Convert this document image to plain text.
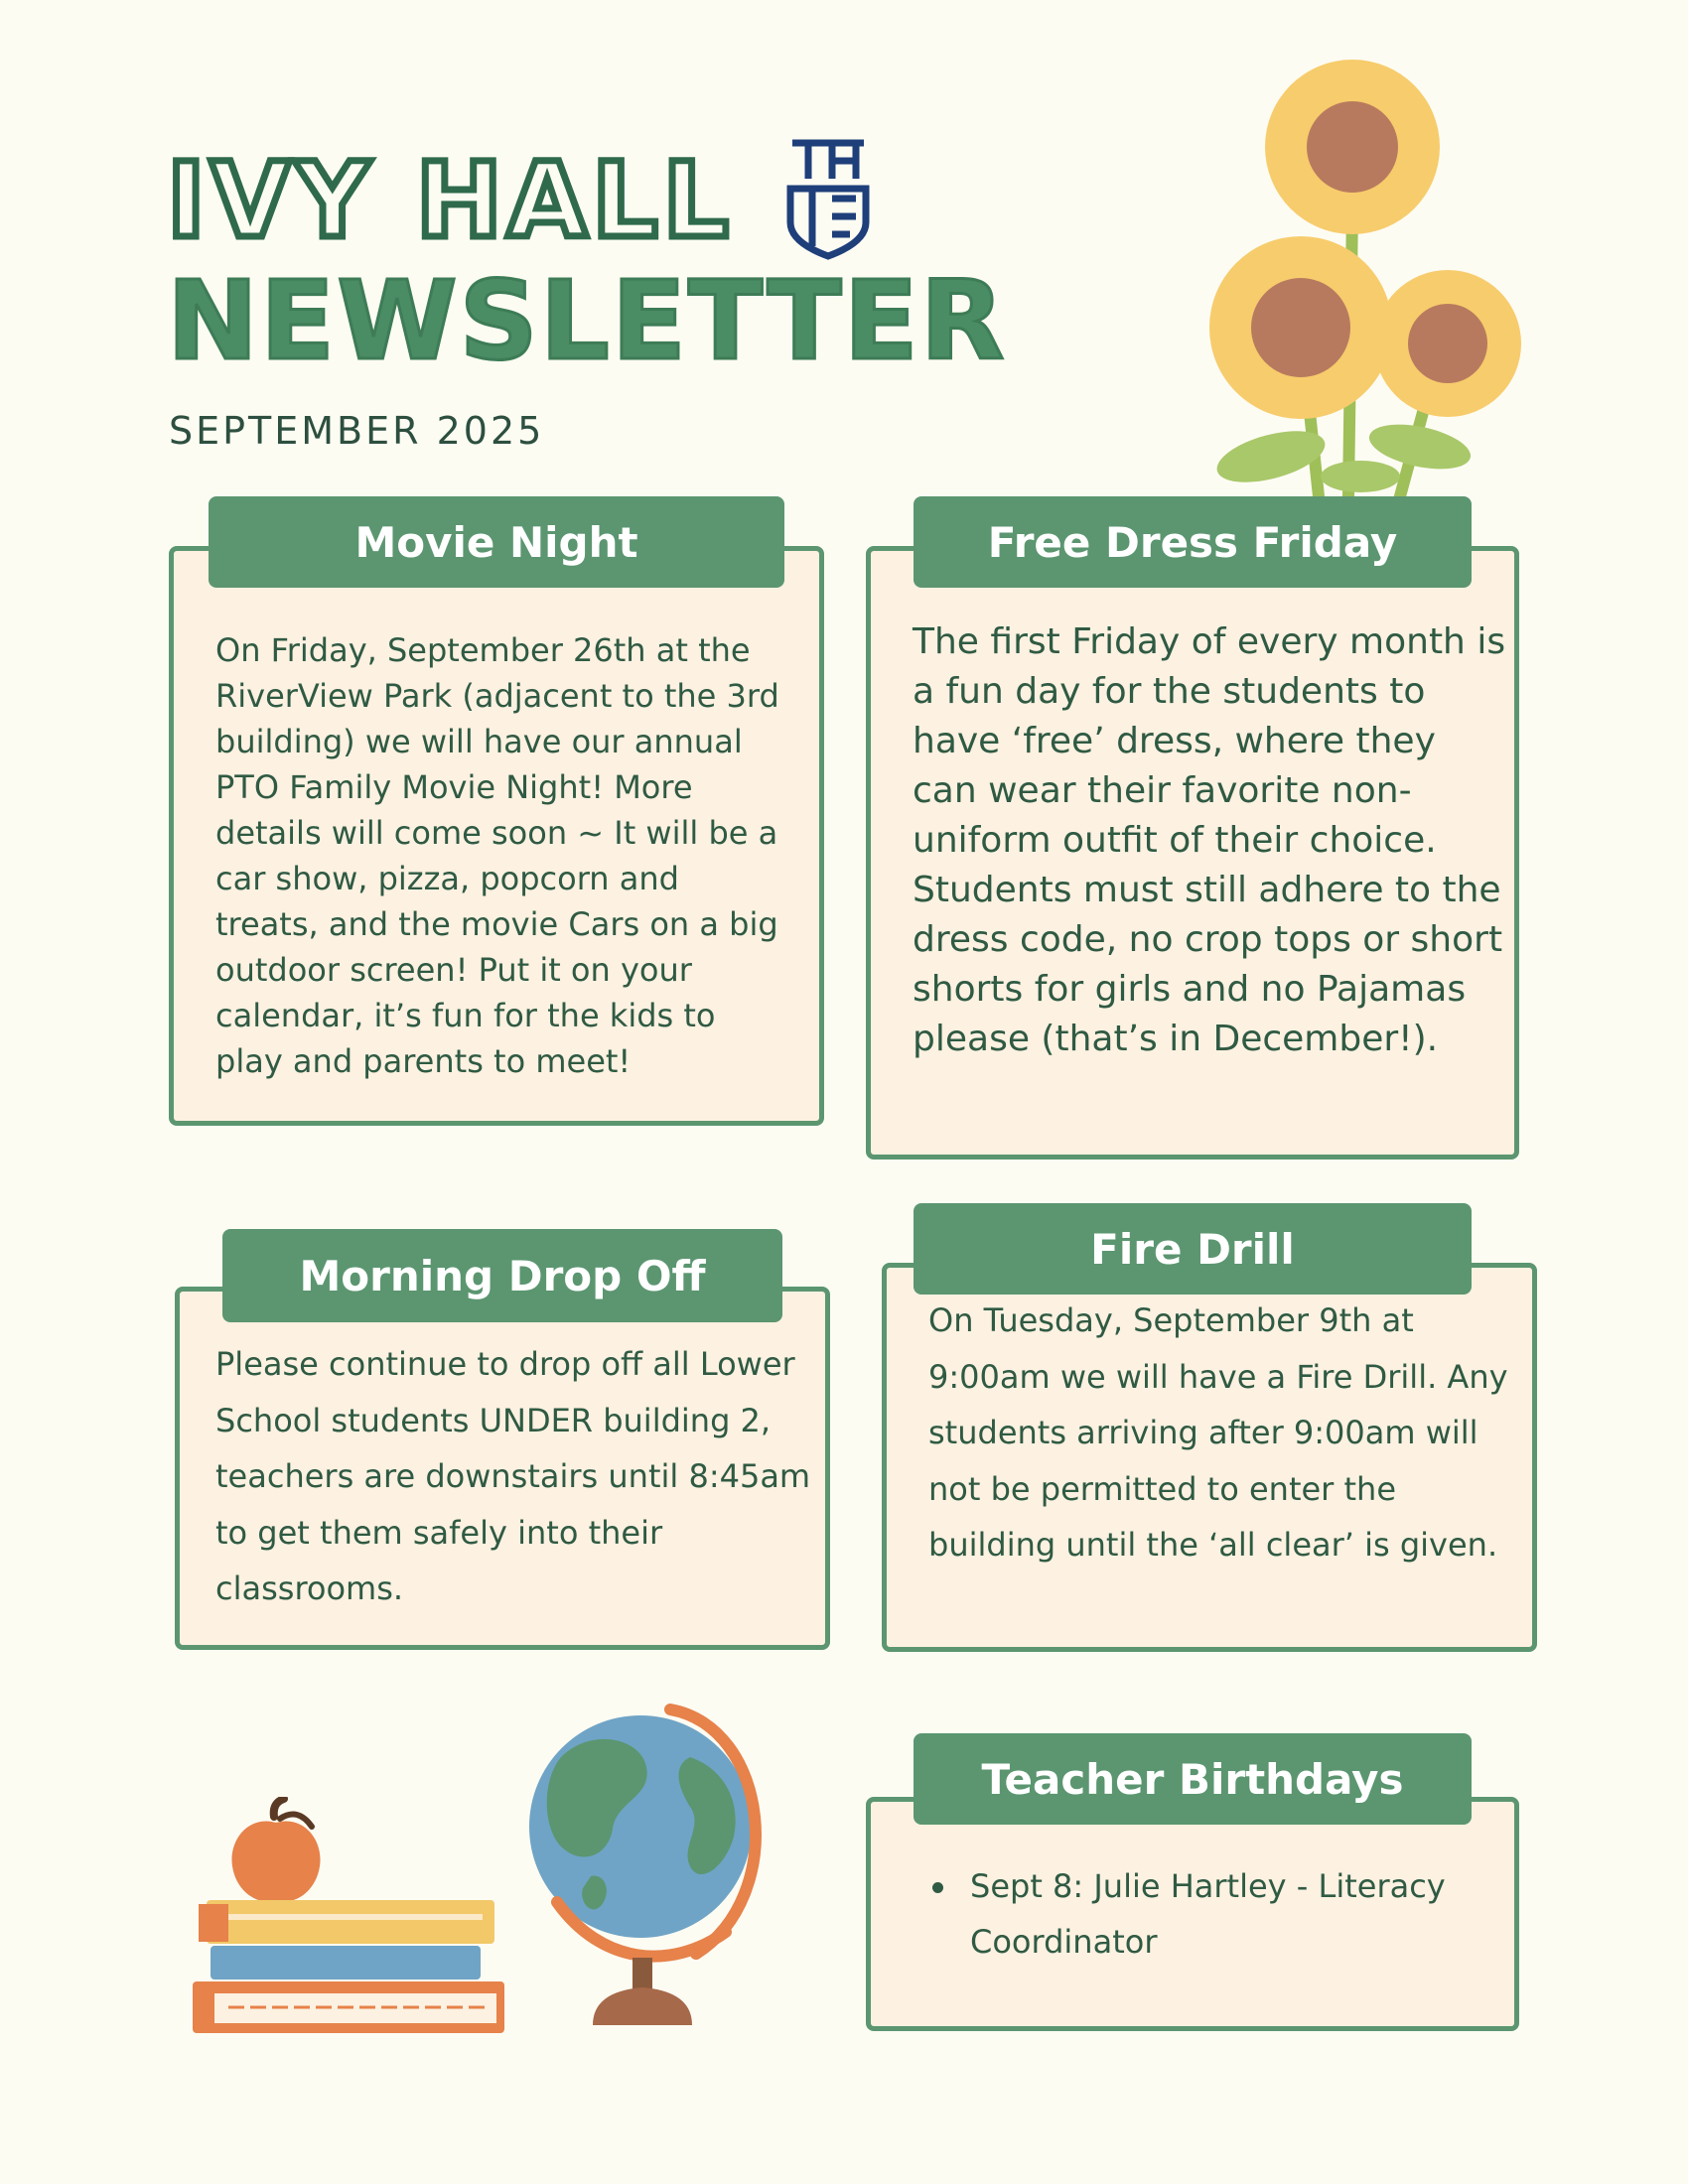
IVY HALL
NEWSLETTER
SEPTEMBER 2025
Movie Night
On Friday, September 26th at the RiverView Park (adjacent to the 3rd building) we will have our annual PTO Family Movie Night! More details will come soon ~ It will be a car show, pizza, popcorn and treats, and the movie Cars on a big outdoor screen! Put it on your calendar, it’s fun for the kids to play and parents to meet!
Free Dress Friday
The first Friday of every month is a fun day for the students to have ‘free’ dress, where they can wear their favorite non-uniform outfit of their choice. Students must still adhere to the dress code, no crop tops or short shorts for girls and no Pajamas please (that’s in December!).
Morning Drop Off
Please continue to drop off all Lower School students UNDER building 2, teachers are downstairs until 8:45am to get them safely into their classrooms.
Fire Drill
On Tuesday, September 9th at 9:00am we will have a Fire Drill. Any students arriving after 9:00am will not be permitted to enter the building until the ‘all clear’ is given.
Teacher Birthdays
Sept 8: Julie Hartley - Literacy Coordinator
